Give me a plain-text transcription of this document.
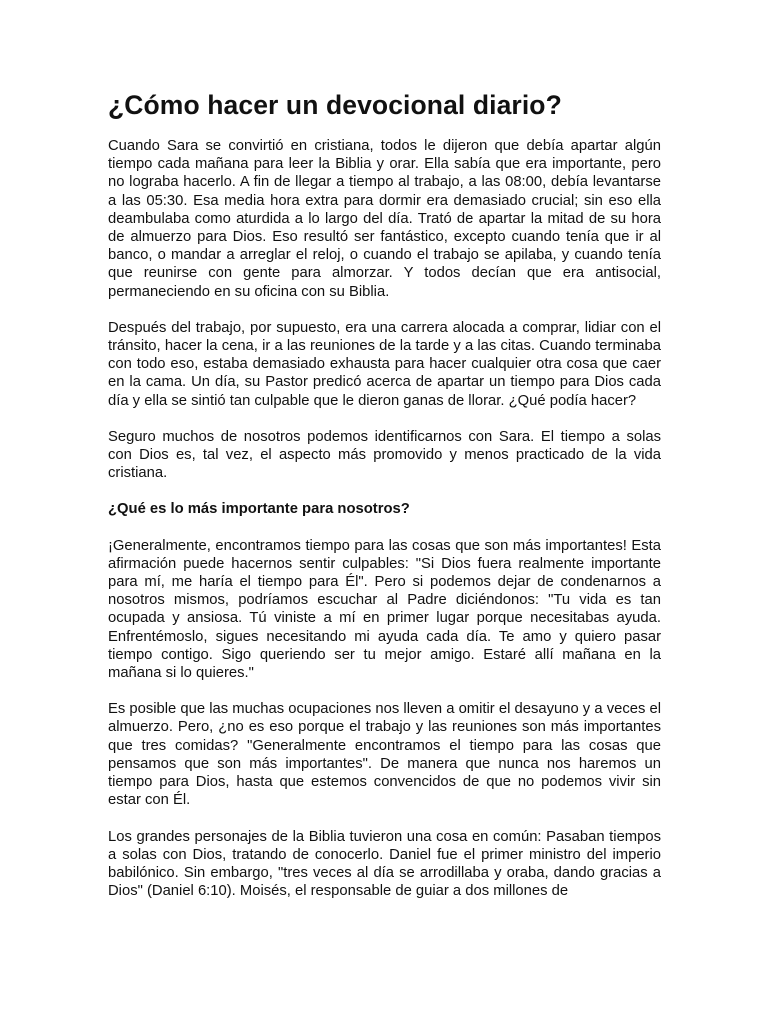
¿Cómo hacer un devocional diario?

Cuando Sara se convirtió en cristiana, todos le dijeron que debía apartar algún tiempo cada mañana para leer la Biblia y orar. Ella sabía que era importante, pero no lograba hacerlo. A fin de llegar a tiempo al trabajo, a las 08:00, debía levantarse a las 05:30. Esa media hora extra para dormir era demasiado crucial; sin eso ella deambulaba como aturdida a lo largo del día. Trató de apartar la mitad de su hora de almuerzo para Dios. Eso resultó ser fantástico, excepto cuando tenía que ir al banco, o mandar a arreglar el reloj, o cuando el trabajo se apilaba, y cuando tenía que reunirse con gente para almorzar. Y todos decían que era antisocial, permaneciendo en su oficina con su Biblia.

Después del trabajo, por supuesto, era una carrera alocada a comprar, lidiar con el tránsito, hacer la cena, ir a las reuniones de la tarde y a las citas. Cuando terminaba con todo eso, estaba demasiado exhausta para hacer cualquier otra cosa que caer en la cama. Un día, su Pastor predicó acerca de apartar un tiempo para Dios cada día y ella se sintió tan culpable que le dieron ganas de llorar. ¿Qué podía hacer?

Seguro muchos de nosotros podemos identificarnos con Sara. El tiempo a solas con Dios es, tal vez, el aspecto más promovido y menos practicado de la vida cristiana.

¿Qué es lo más importante para nosotros?

¡Generalmente, encontramos tiempo para las cosas que son más importantes! Esta afirmación puede hacernos sentir culpables: "Si Dios fuera realmente importante para mí, me haría el tiempo para Él". Pero si podemos dejar de condenarnos a nosotros mismos, podríamos escuchar al Padre diciéndonos: "Tu vida es tan ocupada y ansiosa. Tú viniste a mí en primer lugar porque necesitabas ayuda. Enfrentémoslo, sigues necesitando mi ayuda cada día. Te amo y quiero pasar tiempo contigo. Sigo queriendo ser tu mejor amigo. Estaré allí mañana en la mañana si lo quieres."

Es posible que las muchas ocupaciones nos lleven a omitir el desayuno y a veces el almuerzo. Pero, ¿no es eso porque el trabajo y las reuniones son más importantes que tres comidas? "Generalmente encontramos el tiempo para las cosas que pensamos que son más importantes". De manera que nunca nos haremos un tiempo para Dios, hasta que estemos convencidos de que no podemos vivir sin estar con Él.

Los grandes personajes de la Biblia tuvieron una cosa en común: Pasaban tiempos a solas con Dios, tratando de conocerlo. Daniel fue el primer ministro del imperio babilónico. Sin embargo, "tres veces al día se arrodillaba y oraba, dando gracias a Dios" (Daniel 6:10). Moisés, el responsable de guiar a dos millones de
